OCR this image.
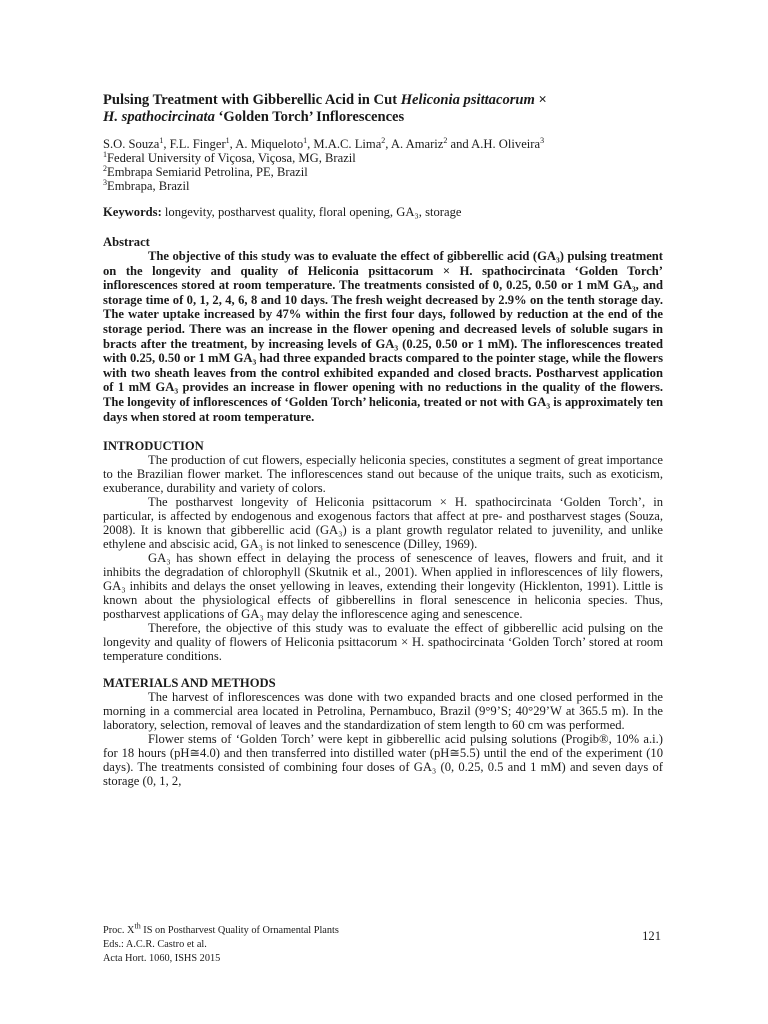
Pulsing Treatment with Gibberellic Acid in Cut Heliconia psittacorum ×
H. spathocircinata ‘Golden Torch’ Inflorescences
S.O. Souza$^1$, F.L. Finger$^1$, A. Miqueloto$^1$, M.A.C. Lima$^2$, A. Amariz$^2$ and A.H. Oliveira$^3$
$^1$Federal University of Viçosa, Viçosa, MG, Brazil
$^2$Embrapa Semiarid Petrolina, PE, Brazil
$^3$Embrapa, Brazil
Keywords: longevity, postharvest quality, floral opening, GA₃, storage
Abstract

The objective of this study was to evaluate the effect of gibberellic acid (GA₃) pulsing treatment on the longevity and quality of Heliconia psittacorum × H. spathocircinata ‘Golden Torch’ inflorescences stored at room temperature. The treatments consisted of 0, 0.25, 0.50 or 1 mM GA₃, and storage time of 0, 1, 2, 4, 6, 8 and 10 days. The fresh weight decreased by 2.9% on the tenth storage day. The water uptake increased by 47% within the first four days, followed by reduction at the end of the storage period. There was an increase in the flower opening and decreased levels of soluble sugars in bracts after the treatment, by increasing levels of GA₃ (0.25, 0.50 or 1 mM). The inflorescences treated with 0.25, 0.50 or 1 mM GA₃ had three expanded bracts compared to the pointer stage, while the flowers with two sheath leaves from the control exhibited expanded and closed bracts. Postharvest application of 1 mM GA₃ provides an increase in flower opening with no reductions in the quality of the flowers. The longevity of inflorescences of ‘Golden Torch’ heliconia, treated or not with GA₃ is approximately ten days when stored at room temperature.

INTRODUCTION

The production of cut flowers, especially heliconia species, constitutes a segment of great importance to the Brazilian flower market. The inflorescences stand out because of the unique traits, such as exoticism, exuberance, durability and variety of colors.

The postharvest longevity of Heliconia psittacorum × H. spathocircinata ‘Golden Torch’, in particular, is affected by endogenous and exogenous factors that affect at pre- and postharvest stages (Souza, 2008). It is known that gibberellic acid (GA₃) is a plant growth regulator related to juvenility, and unlike ethylene and abscisic acid, GA₃ is not linked to senescence (Dilley, 1969).

GA₃ has shown effect in delaying the process of senescence of leaves, flowers and fruit, and it inhibits the degradation of chlorophyll (Skutnik et al., 2001). When applied in inflorescences of lily flowers, GA₃ inhibits and delays the onset yellowing in leaves, extending their longevity (Hicklenton, 1991). Little is known about the physiological effects of gibberellins in floral senescence in heliconia species. Thus, postharvest applications of GA₃ may delay the inflorescence aging and senescence.

Therefore, the objective of this study was to evaluate the effect of gibberellic acid pulsing on the longevity and quality of flowers of Heliconia psittacorum × H. spathocircinata ‘Golden Torch’ stored at room temperature conditions.

MATERIALS AND METHODS

The harvest of inflorescences was done with two expanded bracts and one closed performed in the morning in a commercial area located in Petrolina, Pernambuco, Brazil (9°9’S; 40°29’W at 365.5 m). In the laboratory, selection, removal of leaves and the standardization of stem length to 60 cm was performed.

Flower stems of ‘Golden Torch’ were kept in gibberellic acid pulsing solutions (Progib®, 10% a.i.) for 18 hours (pH≅4.0) and then transferred into distilled water (pH≅5.5) until the end of the experiment (10 days). The treatments consisted of combining four doses of GA₃ (0, 0.25, 0.5 and 1 mM) and seven days of storage (0, 1, 2,

Proc. Xth IS on Postharvest Quality of Ornamental Plants
Eds.: A.C.R. Castro et al.
Acta Hort. 1060, ISHS 2015
121
